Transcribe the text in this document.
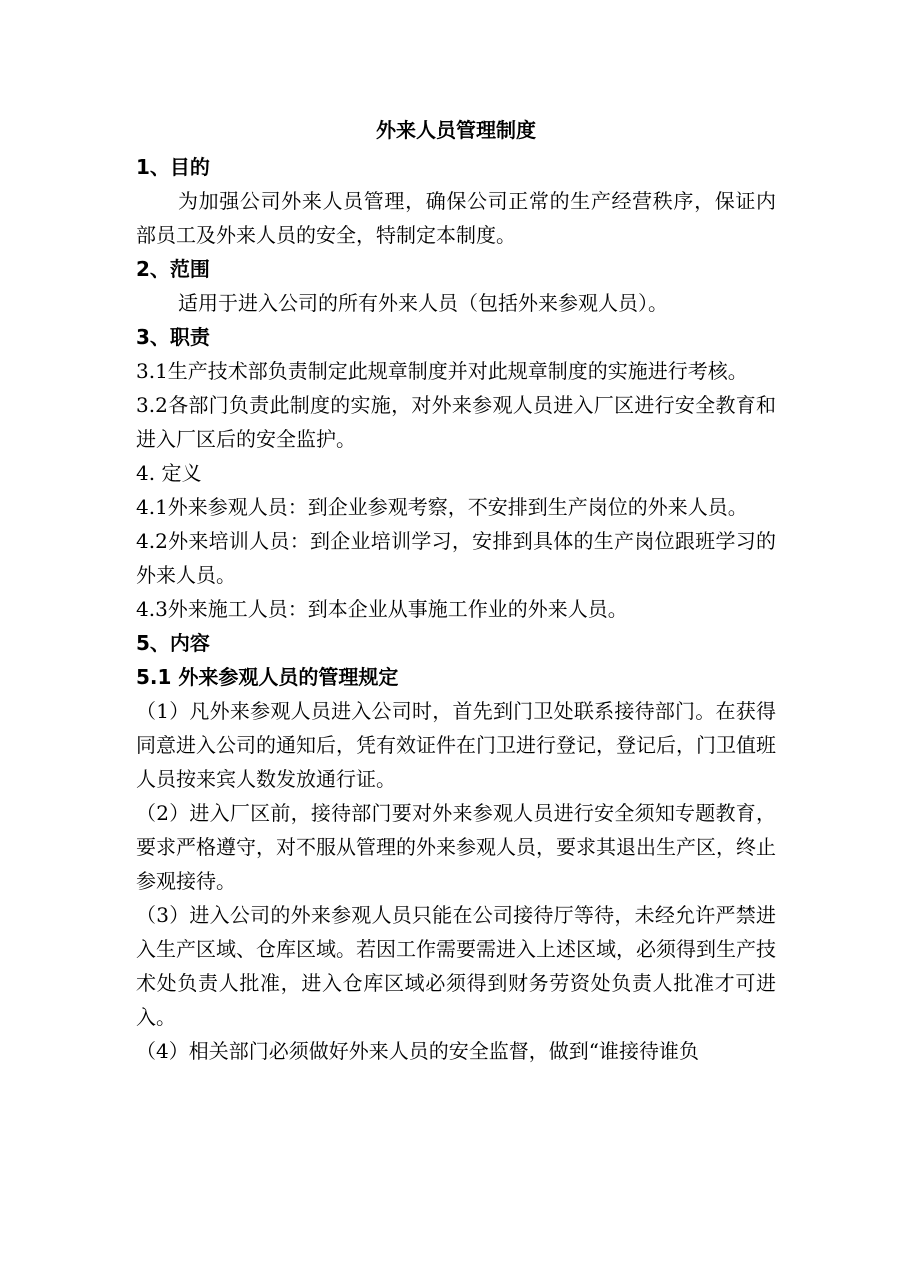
外来人员管理制度
1、目的

为加强公司外来人员管理，确保公司正常的生产经营秩序，保证内部员工及外来人员的安全，特制定本制度。

2、范围

适用于进入公司的所有外来人员（包括外来参观人员）。

3、职责

3.1生产技术部负责制定此规章制度并对此规章制度的实施进行考核。

3.2各部门负责此制度的实施，对外来参观人员进入厂区进行安全教育和进入厂区后的安全监护。

4. 定义

4.1外来参观人员：到企业参观考察，不安排到生产岗位的外来人员。

4.2外来培训人员：到企业培训学习，安排到具体的生产岗位跟班学习的外来人员。

4.3外来施工人员：到本企业从事施工作业的外来人员。

5、内容
5.1 外来参观人员的管理规定

（1）凡外来参观人员进入公司时，首先到门卫处联系接待部门。在获得同意进入公司的通知后，凭有效证件在门卫进行登记，登记后，门卫值班人员按来宾人数发放通行证。

（2）进入厂区前，接待部门要对外来参观人员进行安全须知专题教育，要求严格遵守，对不服从管理的外来参观人员，要求其退出生产区，终止参观接待。

（3）进入公司的外来参观人员只能在公司接待厅等待，未经允许严禁进入生产区域、仓库区域。若因工作需要需进入上述区域，必须得到生产技术处负责人批准，进入仓库区域必须得到财务劳资处负责人批准才可进入。

（4）相关部门必须做好外来人员的安全监督，做到“谁接待谁负
